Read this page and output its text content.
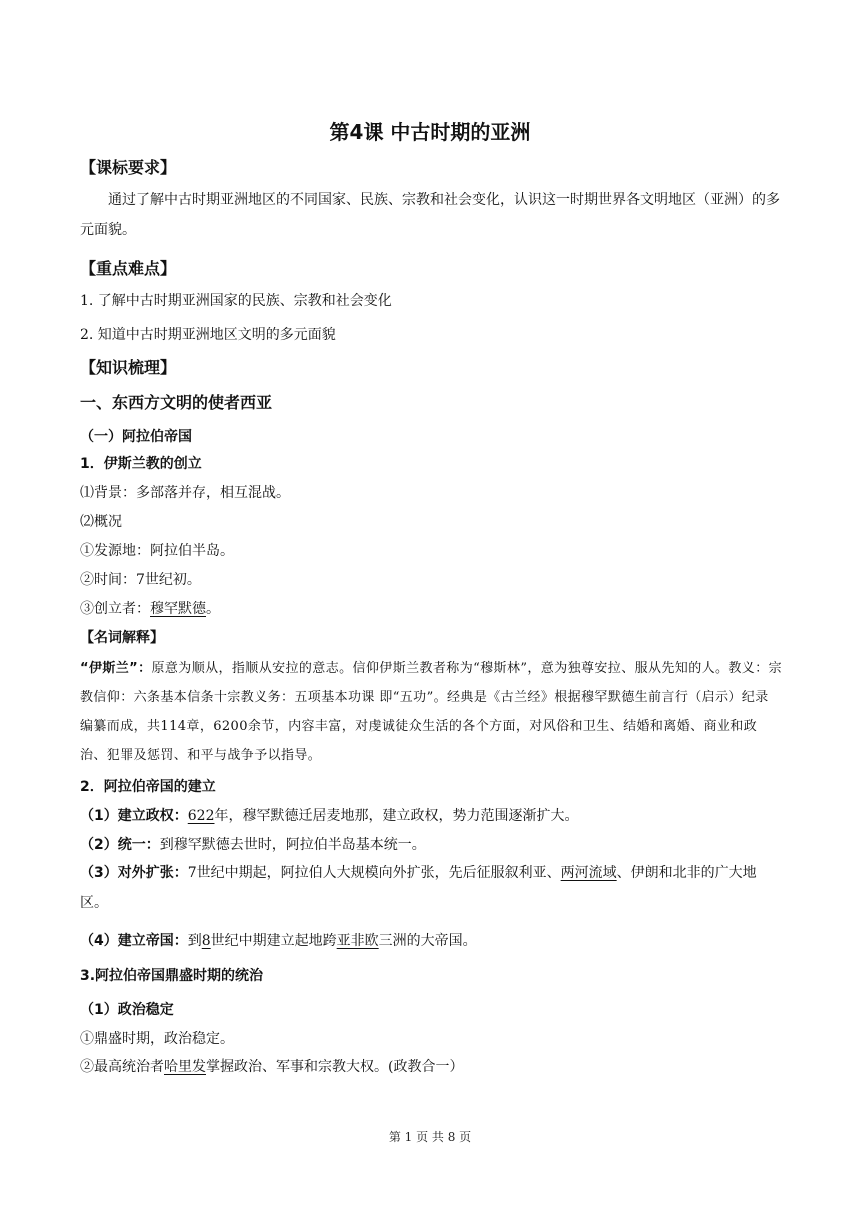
第4课 中古时期的亚洲
【课标要求】
通过了解中古时期亚洲地区的不同国家、民族、宗教和社会变化，认识这一时期世界各文明地区（亚洲）的多元面貌。
【重点难点】
1. 了解中古时期亚洲国家的民族、宗教和社会变化
2. 知道中古时期亚洲地区文明的多元面貌
【知识梳理】
一、东西方文明的使者西亚
（一）阿拉伯帝国
1．伊斯兰教的创立
⑴背景：多部落并存，相互混战。
⑵概况
①发源地：阿拉伯半岛。
②时间：7世纪初。
③创立者：穆罕默德。
【名词解释】
“伊斯兰”：原意为顺从，指顺从安拉的意志。信仰伊斯兰教者称为“穆斯林”，意为独尊安拉、服从先知的人。教义：宗教信仰：六条基本信条十宗教义务：五项基本功课 即“五功”。经典是《古兰经》根据穆罕默德生前言行（启示）纪录编纂而成，共114章，6200余节，内容丰富，对虔诚徒众生活的各个方面，对风俗和卫生、结婚和离婚、商业和政治、犯罪及惩罚、和平与战争予以指导。
2．阿拉伯帝国的建立
（1）建立政权：622年，穆罕默德迁居麦地那，建立政权，势力范围逐渐扩大。
（2）统一：到穆罕默德去世时，阿拉伯半岛基本统一。
（3）对外扩张：7世纪中期起，阿拉伯人大规模向外扩张，先后征服叙利亚、两河流域、伊朗和北非的广大地区。
（4）建立帝国：到8世纪中期建立起地跨亚非欧三洲的大帝国。
3.阿拉伯帝国鼎盛时期的统治
（1）政治稳定
①鼎盛时期，政治稳定。
②最高统治者哈里发掌握政治、军事和宗教大权。(政教合一）
第 1 页 共 8 页
